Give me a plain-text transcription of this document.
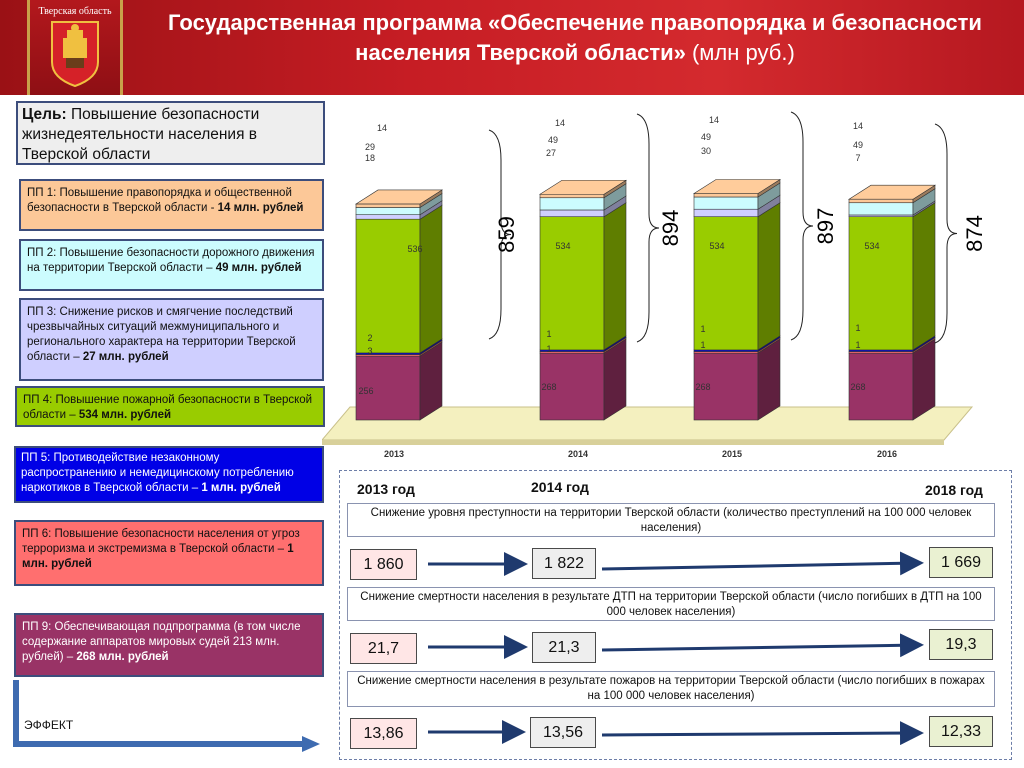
Тверская область	Государственная программа «Обеспечение правопорядка и безопасности населения Тверской области» (млн руб.)
Цель: Повышение безопасности жизнедеятельности населения в Тверской области
ПП 1: Повышение правопорядка и общественной безопасности в Тверской области - 14 млн. рублей
ПП 2: Повышение безопасности дорожного движения на территории Тверской области – 49 млн. рублей
ПП 3: Снижение рисков и смягчение последствий чрезвычайных ситуаций межмуниципального и регионального характера на территории Тверской области – 27 млн. рублей
ПП 4: Повышение пожарной безопасности в Тверской области – 534 млн. рублей
ПП 5: Противодействие незаконному распространению и немедицинскому потреблению наркотиков в Тверской области – 1 млн. рублей
ПП 6: Повышение безопасности населения от угроз терроризма и экстремизма в Тверской области – 1 млн. рублей
ПП 9: Обеспечивающая подпрограмма (в том числе содержание аппаратов мировых судей 213 млн. рублей) – 268 млн. рублей
ЭФФЕКТ
2013	2014	2015	2016
256	268	268	268
3	1	1	1
2	1	1	1
536	534	534	534
18	27	30
7
29
49	49
49
14	14	14
14
859	894	897	874
2013 год	2014 год	2018 год
Снижение уровня преступности на территории Тверской области (количество преступлений на 100 000 человек населения)
1 860	1 822	1 669
Снижение смертности населения в результате ДТП на территории Тверской области (число погибших в ДТП на 100 000 человек населения)
21,7	21,3	19,3
Снижение смертности населения в результате пожаров на территории Тверской области (число погибших в пожарах на 100 000 человек населения)
13,86	13,56	12,33
